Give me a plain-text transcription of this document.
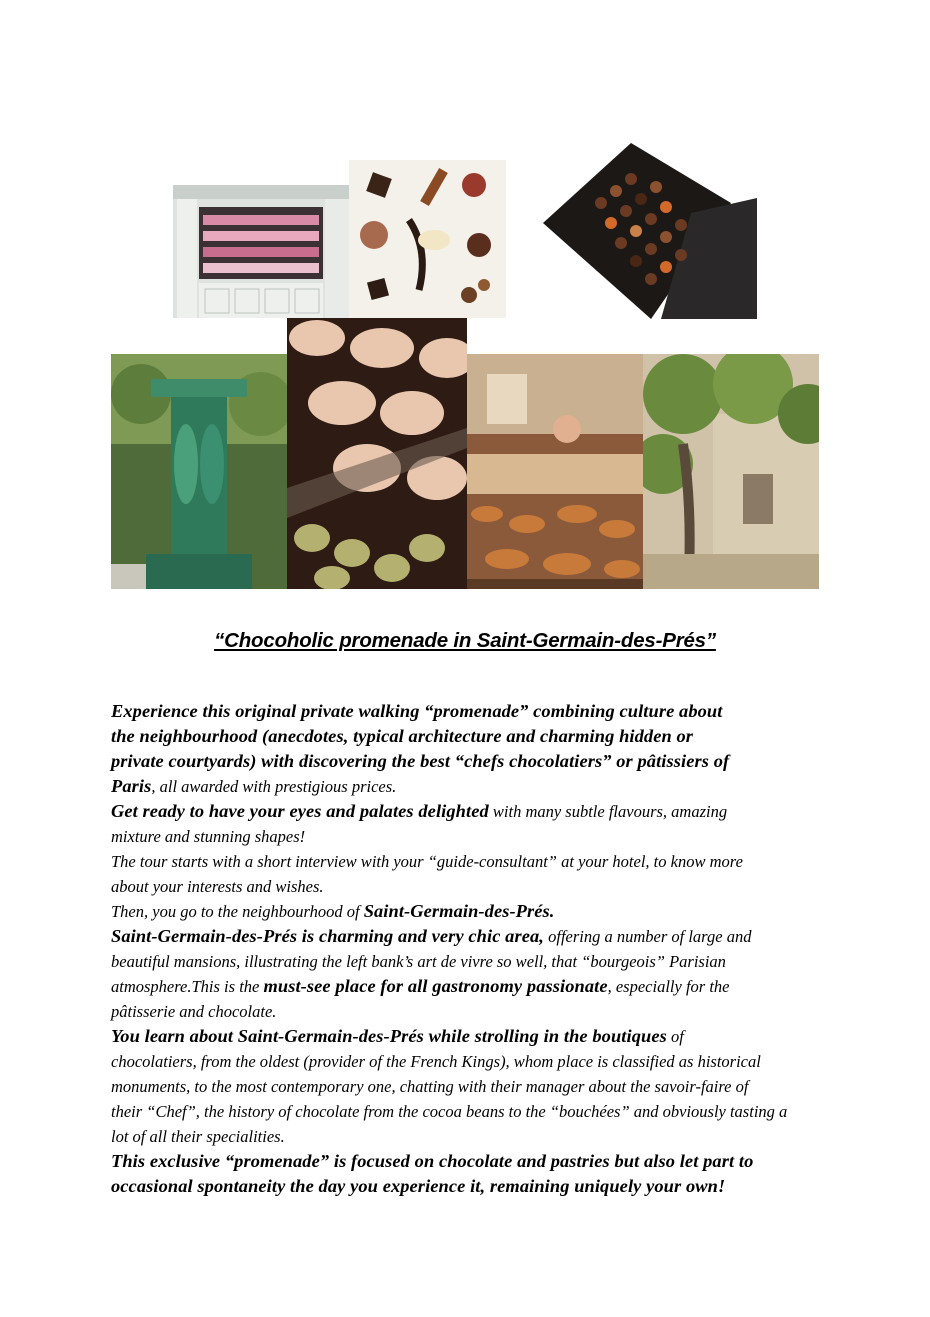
“Chocoholic promenade in Saint-Germain-des-Prés”
Experience this original private walking “promenade” combining culture about
the neighbourhood (anecdotes, typical architecture and charming hidden or
private courtyards) with discovering the best “chefs chocolatiers” or pâtissiers of
Paris, all awarded with prestigious prices.
Get ready to have your eyes and palates delighted with many subtle flavours, amazing
mixture and stunning shapes!
The tour starts with a short interview with your “guide-consultant” at your hotel, to know more
about your interests and wishes.
Then, you go to the neighbourhood of Saint-Germain-des-Prés.
Saint-Germain-des-Prés is charming and very chic area, offering a number of large and
beautiful mansions, illustrating the left bank’s art de vivre so well, that “bourgeois” Parisian
atmosphere.This is the must-see place for all gastronomy passionate, especially for the
pâtisserie and chocolate.
You learn about Saint-Germain-des-Prés while strolling in the boutiques of
chocolatiers, from the oldest (provider of the French Kings), whom place is classified as historical
monuments, to the most contemporary one, chatting with their manager about the savoir-faire of
their “Chef”, the history of chocolate from the cocoa beans to the “bouchées” and obviously tasting a
lot of all their specialities.
This exclusive “promenade” is focused on chocolate and pastries but also let part to
occasional spontaneity the day you experience it, remaining uniquely your own!
